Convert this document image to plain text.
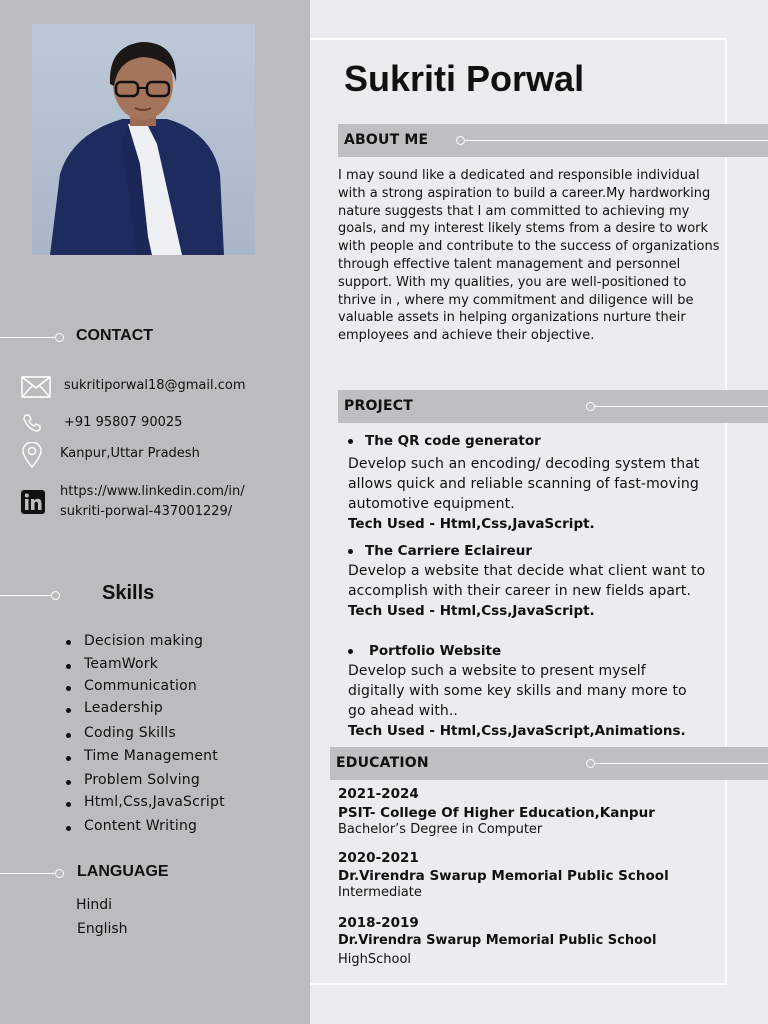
CONTACT
sukritiporwal18@gmail.com
+91 95807 90025
Kanpur,Uttar Pradesh
https://www.linkedin.com/in/
sukriti-porwal-437001229/
Skills
Decision making
TeamWork
Communication
Leadership
Coding Skills
Time Management
Problem Solving
Html,Css,JavaScript
Content Writing
LANGUAGE
Hindi
English
Sukriti Porwal
ABOUT ME
I may sound like a dedicated and responsible individual with a strong aspiration to build a career.My hardworking nature suggests that I am committed to achieving my goals, and my interest likely stems from a desire to work with people and contribute to the success of organizations through effective talent management and personnel support. With my qualities, you are well-positioned to thrive in , where my commitment and diligence will be valuable assets in helping organizations nurture their employees and achieve their objective.
PROJECT
The QR code generator
Develop such an encoding/ decoding system that allows quick and reliable scanning of fast-moving automotive equipment.
Tech Used - Html,Css,JavaScript.
The Carriere Eclaireur
Develop a website that decide what client want to accomplish with their career in new fields apart.
Tech Used - Html,Css,JavaScript.
Portfolio Website
Develop such a website to present myself digitally with some key skills and many more to go ahead with..
Tech Used - Html,Css,JavaScript,Animations.
EDUCATION
2021-2024
PSIT- College Of Higher Education,Kanpur
Bachelor’s Degree in Computer
2020-2021
Dr.Virendra Swarup Memorial Public School
Intermediate
2018-2019
Dr.Virendra Swarup Memorial Public School
HighSchool
